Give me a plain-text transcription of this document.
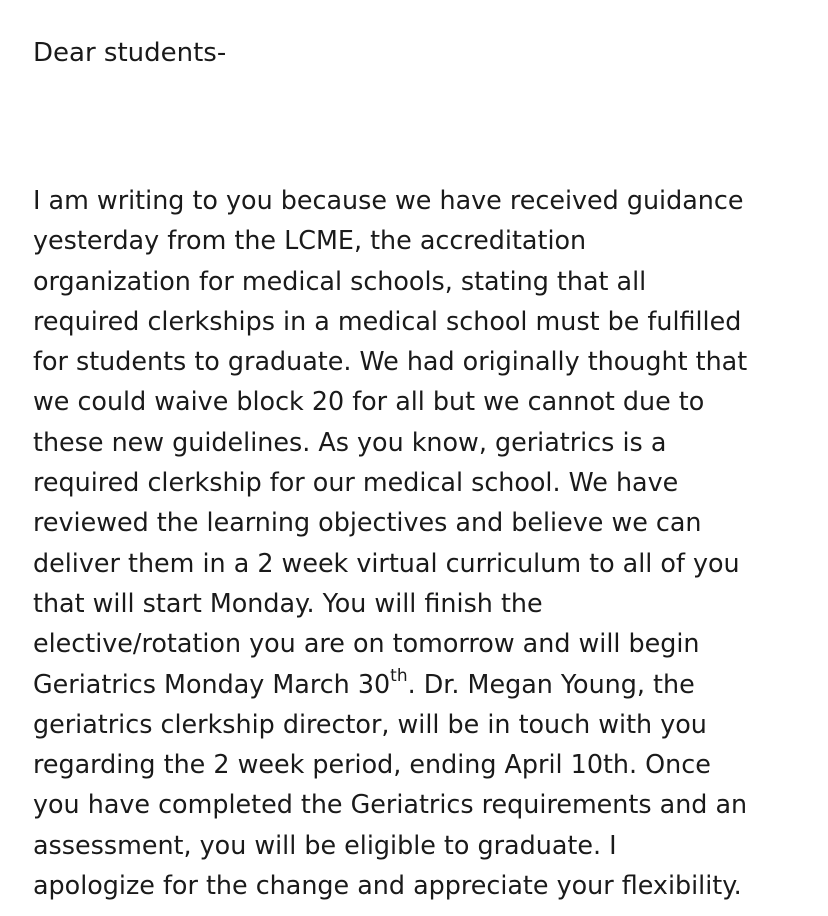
Dear students-

I am writing to you because we have received guidance
yesterday from the LCME, the accreditation
organization for medical schools, stating that all
required clerkships in a medical school must be fulfilled
for students to graduate. We had originally thought that
we could waive block 20 for all but we cannot due to
these new guidelines. As you know, geriatrics is a
required clerkship for our medical school. We have
reviewed the learning objectives and believe we can
deliver them in a 2 week virtual curriculum to all of you
that will start Monday. You will finish the
elective/rotation you are on tomorrow and will begin
Geriatrics Monday March 30th. Dr. Megan Young, the
geriatrics clerkship director, will be in touch with you
regarding the 2 week period, ending April 10th. Once
you have completed the Geriatrics requirements and an
assessment, you will be eligible to graduate. I
apologize for the change and appreciate your flexibility.
